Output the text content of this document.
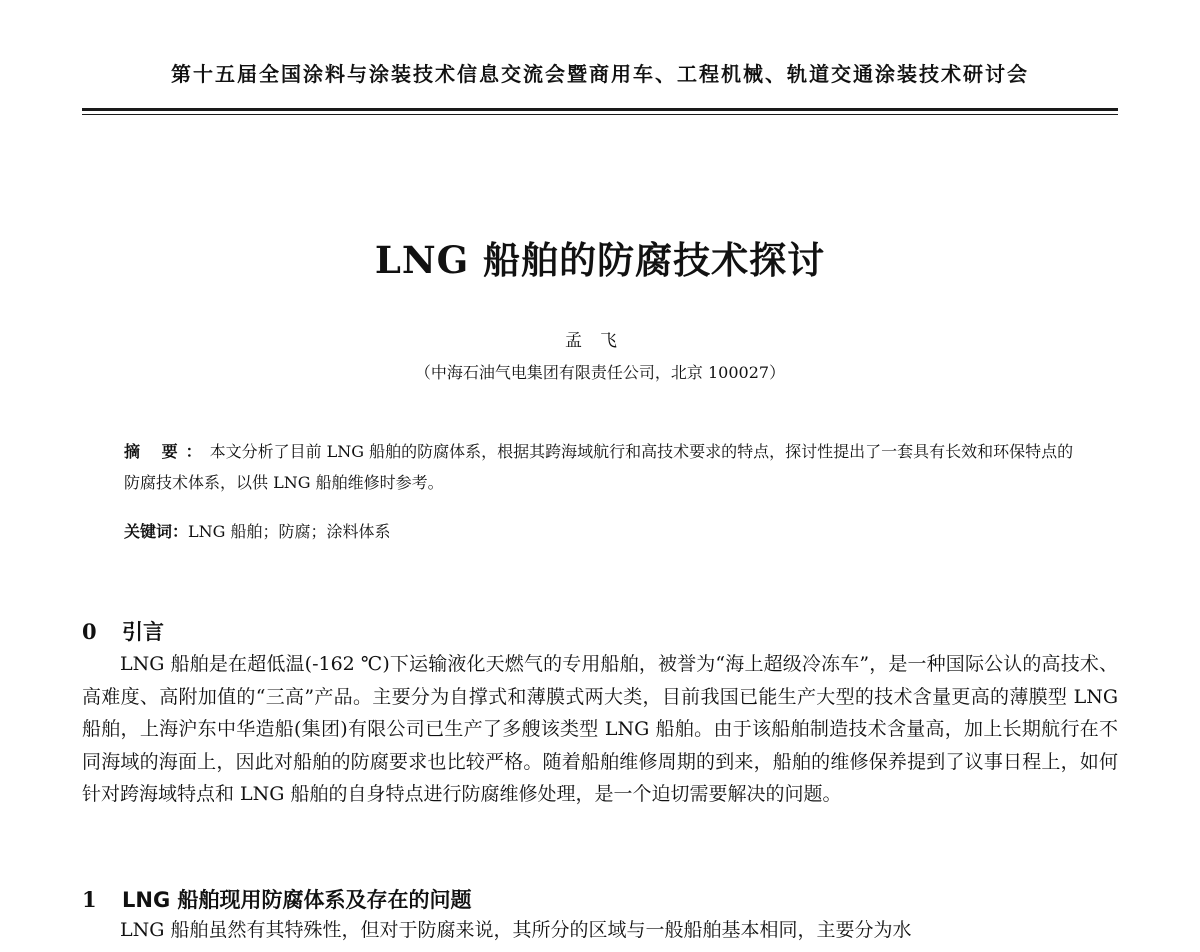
第十五届全国涂料与涂装技术信息交流会暨商用车、工程机械、轨道交通涂装技术研讨会
LNG 船舶的防腐技术探讨
孟飞
（中海石油气电集团有限责任公司，北京 100027）
摘 要：本文分析了目前 LNG 船舶的防腐体系，根据其跨海域航行和高技术要求的特点，探讨性提出了一套具有长效和环保特点的防腐技术体系，以供 LNG 船舶维修时参考。
关键词：LNG 船舶；防腐；涂料体系
0 引言
LNG 船舶是在超低温(-162 ℃)下运输液化天燃气的专用船舶，被誉为“海上超级冷冻车”，是一种国际公认的高技术、高难度、高附加值的“三高”产品。主要分为自撑式和薄膜式两大类，目前我国已能生产大型的技术含量更高的薄膜型 LNG 船舶，上海沪东中华造船(集团)有限公司已生产了多艘该类型 LNG 船舶。由于该船舶制造技术含量高，加上长期航行在不同海域的海面上，因此对船舶的防腐要求也比较严格。随着船舶维修周期的到来，船舶的维修保养提到了议事日程上，如何针对跨海域特点和 LNG 船舶的自身特点进行防腐维修处理，是一个迫切需要解决的问题。
1 LNG 船舶现用防腐体系及存在的问题
LNG 船舶虽然有其特殊性，但对于防腐来说，其所分的区域与一般船舶基本相同，主要分为水
